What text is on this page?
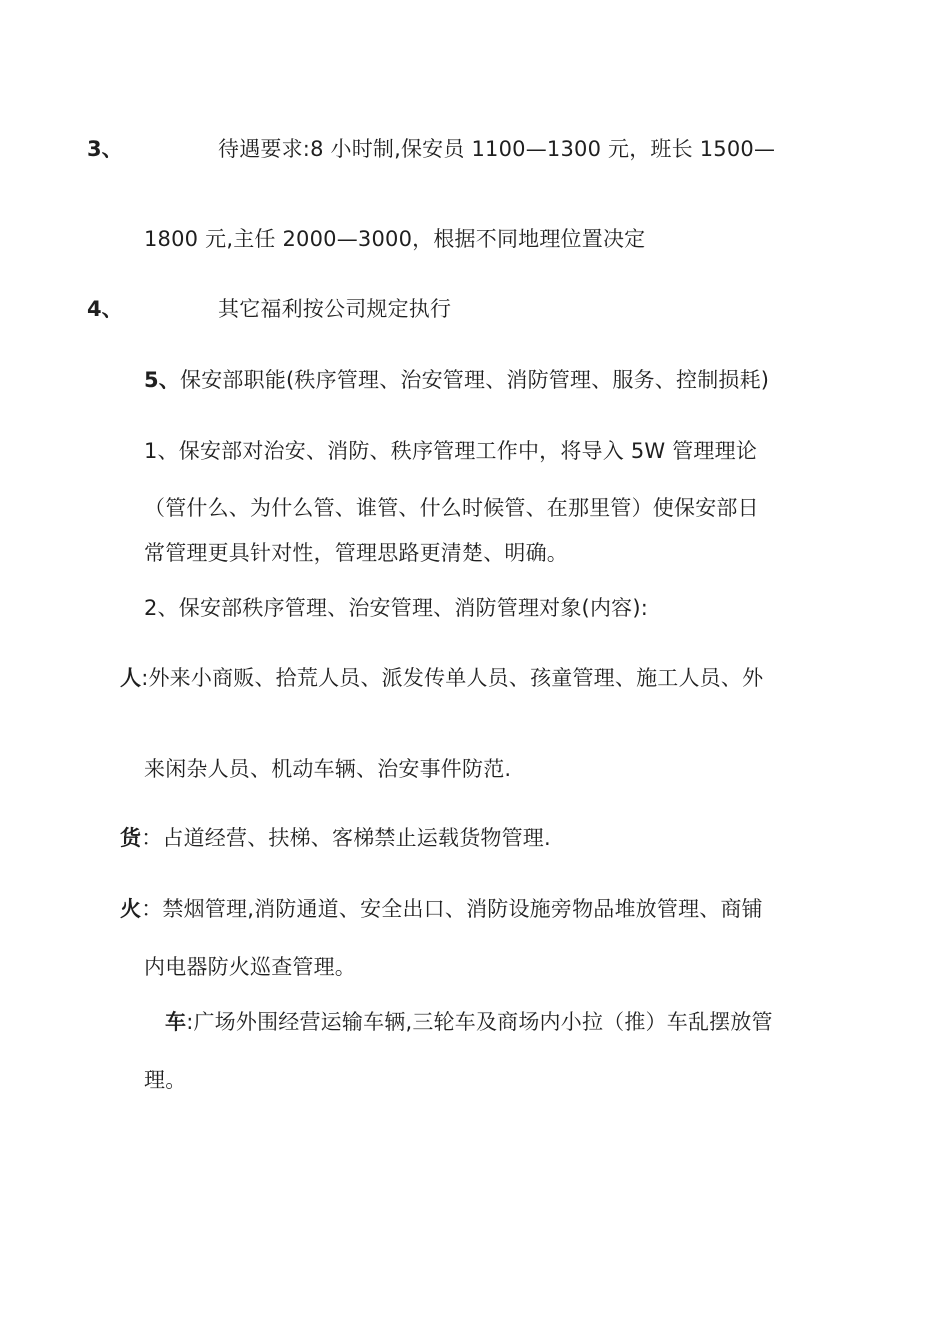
3、	待遇要求:8 小时制,保安员 1100—1300 元，班长 1500—
1800 元,主任 2000—3000，根据不同地理位置决定
4、	其它福利按公司规定执行
5、保安部职能(秩序管理、治安管理、消防管理、服务、控制损耗)
1、保安部对治安、消防、秩序管理工作中，将导入 5W 管理理论
（管什么、为什么管、谁管、什么时候管、在那里管）使保安部日
常管理更具针对性，管理思路更清楚、明确。
2、保安部秩序管理、治安管理、消防管理对象(内容):
人:外来小商贩、拾荒人员、派发传单人员、孩童管理、施工人员、外
来闲杂人员、机动车辆、治安事件防范.
货：占道经营、扶梯、客梯禁止运载货物管理.
火：禁烟管理,消防通道、安全出口、消防设施旁物品堆放管理、商铺
内电器防火巡查管理。
车:广场外围经营运输车辆,三轮车及商场内小拉（推）车乱摆放管
理。
